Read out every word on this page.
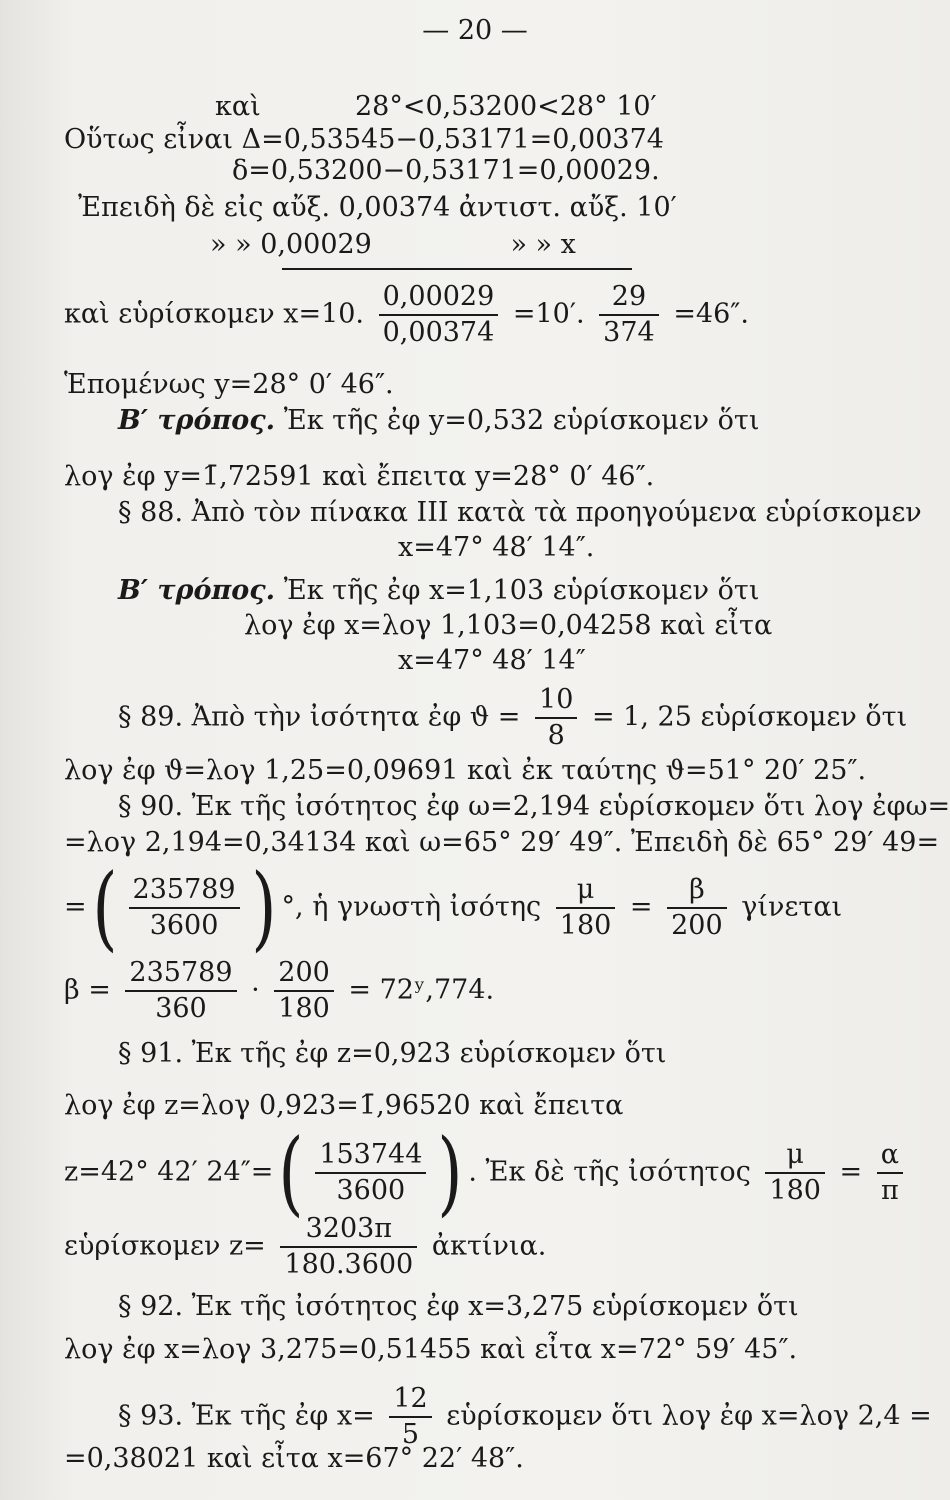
— 20 —
καὶ	28°<0,53200<28° 10′
Οὕτως εἶναι Δ=0,53545−0,53171=0,00374
δ=0,53200−0,53171=0,00029.
Ἐπειδὴ δὲ εἰς αὔξ. 0,00374 ἀντιστ. αὔξ. 10′
» » 0,00029	» » x
καὶ εὑρίσκομεν x=10. $\frac{0,00029}{0,00374} =10'$. $\frac{29}{374} =46''$.
Ἑπομένως y=28° 0′ 46″.
Β′ τρόπος. Ἐκ τῆς ἐφ y=0,532 εὑρίσκομεν ὅτι
λογ ἐφ y=1̄,72591 καὶ ἔπειτα y=28° 0′ 46″.
§ 88. Ἀπὸ τὸν πίνακα III κατὰ τὰ προηγούμενα εὑρίσκομεν
x=47° 48′ 14″.
Β′ τρόπος. Ἐκ τῆς ἐφ x=1,103 εὑρίσκομεν ὅτι
λογ ἐφ x=λογ 1,103=0,04258 καὶ εἶτα
x=47° 48′ 14″
§ 89. Ἀπὸ τὴν ἰσότητα ἐφ $ϑ = \frac{10}{8} = 1$, 25 εὑρίσκομεν ὅτι
λογ ἐφ ϑ=λογ 1,25=0,09691 καὶ ἐκ ταύτης ϑ=51° 20′ 25″.
§ 90. Ἐκ τῆς ἰσότητος ἐφ ω=2,194 εὑρίσκομεν ὅτι λογ ἐφω=
=λογ 2,194=0,34134 καὶ ω=65° 29′ 49″. Ἐπειδὴ δὲ 65° 29′ 49=
=( $\frac{235789}{3600}$ ) °, ἡ γνωστὴ ἰσότης $\frac{\mu}{180} = \frac{\beta}{200}$ γίνεται
$\beta = \frac{235789}{360} \cdot \frac{200}{180}$ = 72ʸ,774.
§ 91. Ἐκ τῆς ἐφ z=0,923 εὑρίσκομεν ὅτι
λογ ἐφ z=λογ 0,923=1̄,96520 καὶ ἔπειτα
z=42° 42′ $24''=( \frac{153744}{3600}$ ) . Ἐκ δὲ τῆς ἰσότητος $\frac{\mu}{180} = \frac{\alpha}{\pi}$
εὑρίσκομεν $z= \frac{3203\pi}{180.3600}$ ἀκτίνια.
§ 92. Ἐκ τῆς ἰσότητος ἐφ x=3,275 εὑρίσκομεν ὅτι
λογ ἐφ x=λογ 3,275=0,51455 καὶ εἶτα x=72° 59′ 45″.
§ 93. Ἐκ τῆς ἐφ $x= \frac{12}{5}$ εὑρίσκομεν ὅτι λογ ἐφ x=λογ 2,4 =
=0,38021 καὶ εἶτα x=67° 22′ 48″.
